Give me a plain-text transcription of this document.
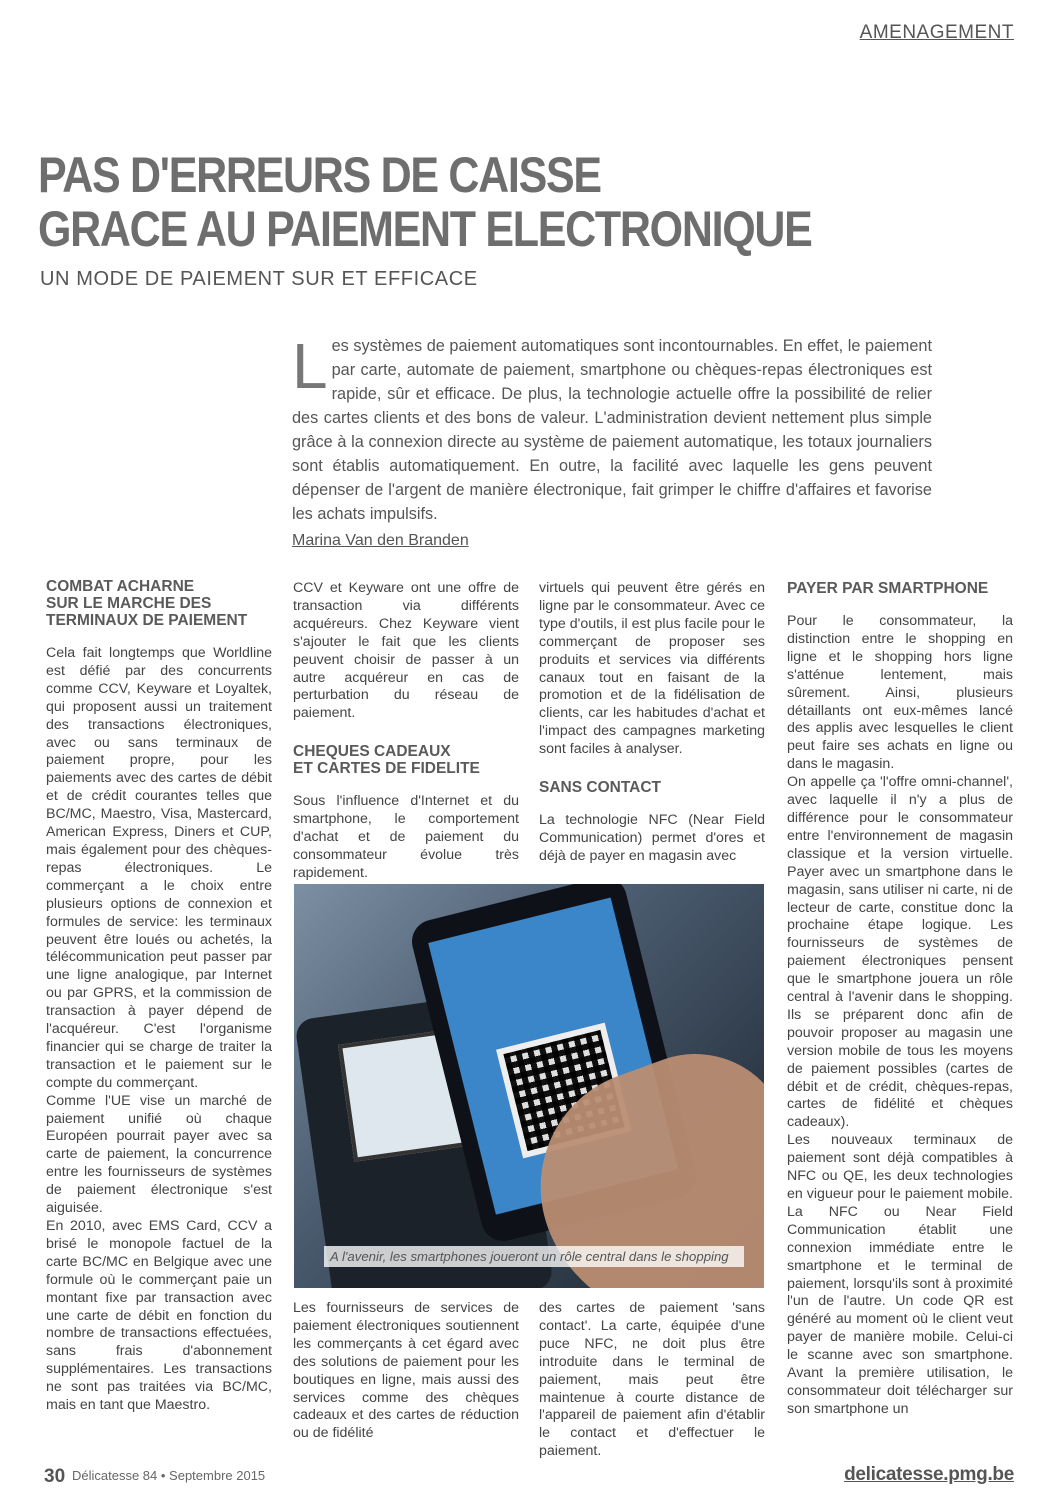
AMENAGEMENT
PAS D'ERREURS DE CAISSE
GRACE AU PAIEMENT ELECTRONIQUE
UN MODE DE PAIEMENT SUR ET EFFICACE
L es systèmes de paiement automatiques sont incontournables. En effet, le paiement par carte, automate de paiement, smartphone ou chèques-repas électroniques est rapide, sûr et efficace. De plus, la technologie actuelle offre la possibilité de relier des cartes clients et des bons de valeur. L'administration devient nettement plus simple grâce à la connexion directe au système de paiement automatique, les totaux journaliers sont établis automatiquement. En outre, la facilité avec laquelle les gens peuvent dépenser de l'argent de manière électronique, fait grimper le chiffre d'affaires et favorise les achats impulsifs.
Marina Van den Branden
COMBAT ACHARNE
SUR LE MARCHE DES
TERMINAUX DE PAIEMENT

Cela fait longtemps que Worldline est défié par des concurrents comme CCV, Keyware et Loyaltek, qui proposent aussi un traitement des transactions électroniques, avec ou sans terminaux de paiement propre, pour les paiements avec des cartes de débit et de crédit courantes telles que BC/MC, Maestro, Visa, Mastercard, American Express, Diners et CUP, mais également pour des chèques-repas électroniques. Le commerçant a le choix entre plusieurs options de connexion et formules de service: les terminaux peuvent être loués ou achetés, la télécommunication peut passer par une ligne analogique, par Internet ou par GPRS, et la commission de transaction à payer dépend de l'acquéreur. C'est l'organisme financier qui se charge de traiter la transaction et le paiement sur le compte du commerçant.

Comme l'UE vise un marché de paiement unifié où chaque Européen pourrait payer avec sa carte de paiement, la concurrence entre les fournisseurs de systèmes de paiement électronique s'est aiguisée.

En 2010, avec EMS Card, CCV a brisé le monopole factuel de la carte BC/MC en Belgique avec une formule où le commerçant paie un montant fixe par transaction avec une carte de débit en fonction du nombre de transactions effectuées, sans frais d'abonnement supplémentaires. Les transactions ne sont pas traitées via BC/MC, mais en tant que Maestro.

CCV et Keyware ont une offre de transaction via différents acquéreurs. Chez Keyware vient s'ajouter le fait que les clients peuvent choisir de passer à un autre acquéreur en cas de perturbation du réseau de paiement.

CHEQUES CADEAUX
ET CARTES DE FIDELITE

Sous l'influence d'Internet et du smartphone, le comportement d'achat et de paiement du consommateur évolue très rapidement.

virtuels qui peuvent être gérés en ligne par le consommateur. Avec ce type d'outils, il est plus facile pour le commerçant de proposer ses produits et services via différents canaux tout en faisant de la promotion et de la fidélisation de clients, car les habitudes d'achat et l'impact des campagnes marketing sont faciles à analyser.

SANS CONTACT

La technologie NFC (Near Field Communication) permet d'ores et déjà de payer en magasin avec

A l'avenir, les smartphones joueront un rôle central dans le shopping

Les fournisseurs de services de paiement électroniques soutiennent les commerçants à cet égard avec des solutions de paiement pour les boutiques en ligne, mais aussi des services comme des chèques cadeaux et des cartes de réduction ou de fidélité

des cartes de paiement 'sans contact'. La carte, équipée d'une puce NFC, ne doit plus être introduite dans le terminal de paiement, mais peut être maintenue à courte distance de l'appareil de paiement afin d'établir le contact et d'effectuer le paiement.

PAYER PAR SMARTPHONE

Pour le consommateur, la distinction entre le shopping en ligne et le shopping hors ligne s'atténue lentement, mais sûrement. Ainsi, plusieurs détaillants ont eux-mêmes lancé des applis avec lesquelles le client peut faire ses achats en ligne ou dans le magasin.

On appelle ça 'l'offre omni-channel', avec laquelle il n'y a plus de différence pour le consommateur entre l'environnement de magasin classique et la version virtuelle. Payer avec un smartphone dans le magasin, sans utiliser ni carte, ni de lecteur de carte, constitue donc la prochaine étape logique. Les fournisseurs de systèmes de paiement électroniques pensent que le smartphone jouera un rôle central à l'avenir dans le shopping. Ils se préparent donc afin de pouvoir proposer au magasin une version mobile de tous les moyens de paiement possibles (cartes de débit et de crédit, chèques-repas, cartes de fidélité et chèques cadeaux).

Les nouveaux terminaux de paiement sont déjà compatibles à NFC ou QE, les deux technologies en vigueur pour le paiement mobile. La NFC ou Near Field Communication établit une connexion immédiate entre le smartphone et le terminal de paiement, lorsqu'ils sont à proximité l'un de l'autre. Un code QR est généré au moment où le client veut payer de manière mobile. Celui-ci le scanne avec son smartphone. Avant la première utilisation, le consommateur doit télécharger sur son smartphone un

30 Délicatesse 84 • Septembre 2015	delicatesse.pmg.be
